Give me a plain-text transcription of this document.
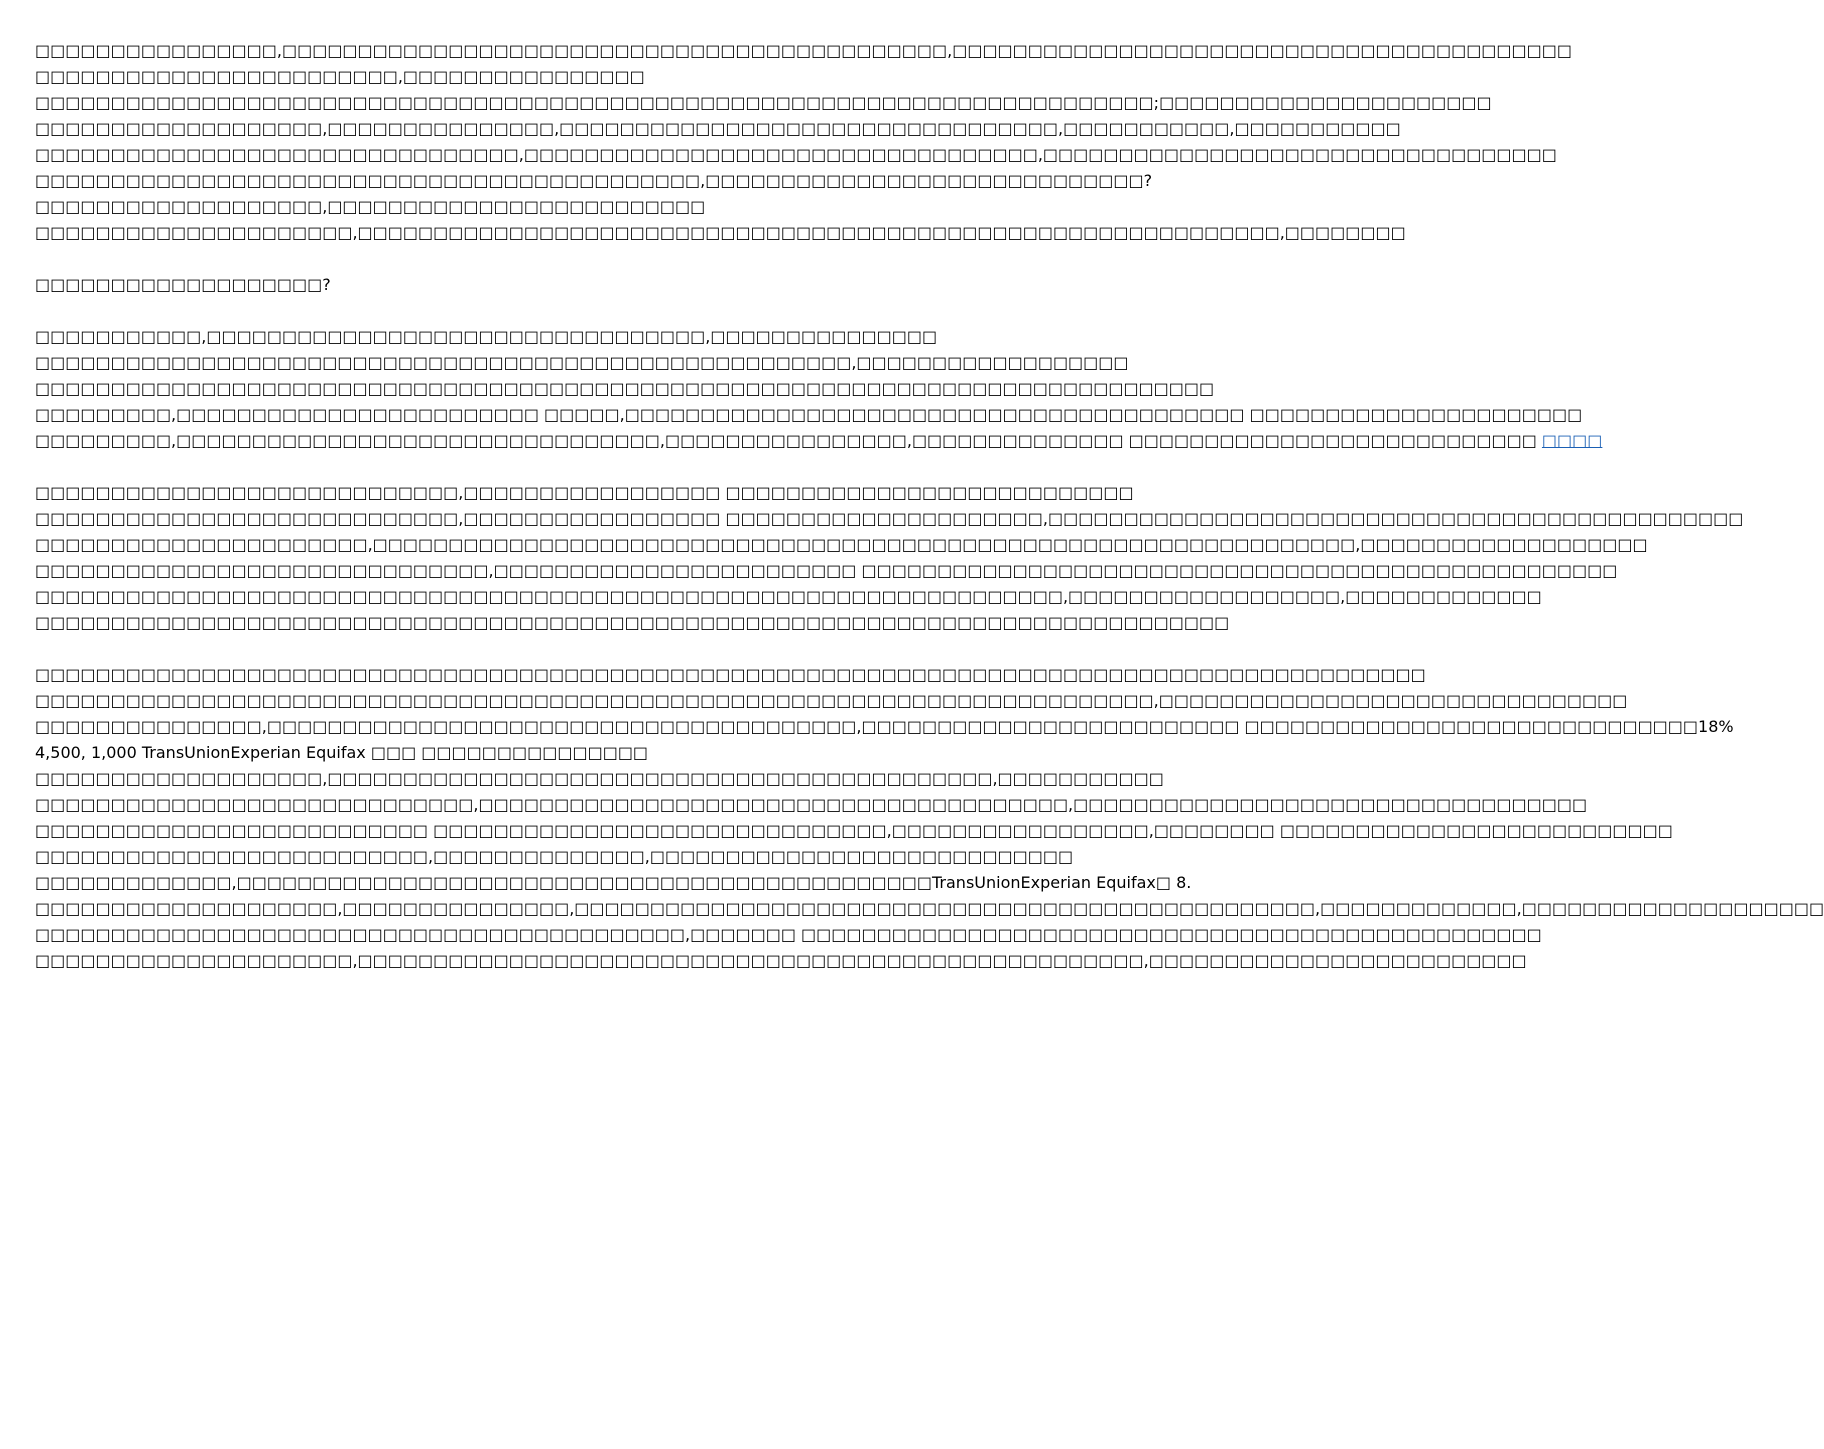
□□□□□□□□□□□□□□□□,□□□□□□□□□□□□□□□□□□□□□□□□□□□□□□□□□□□□□□□□□□□□,□□□□□□□□□□□□□□□□□□□□□□□□□□□□□□□□□□□□□□□□□
□□□□□□□□□□□□□□□□□□□□□□□□,□□□□□□□□□□□□□□□□
□□□□□□□□□□□□□□□□□□□□□□□□□□□□□□□□□□□□□□□□□□□□□□□□□□□□□□□□□□□□□□□□□□□□□□□□□□;□□□□□□□□□□□□□□□□□□□□□□
□□□□□□□□□□□□□□□□□□□,□□□□□□□□□□□□□□□,□□□□□□□□□□□□□□□□□□□□□□□□□□□□□□□□□,□□□□□□□□□□□,□□□□□□□□□□□
□□□□□□□□□□□□□□□□□□□□□□□□□□□□□□□□,□□□□□□□□□□□□□□□□□□□□□□□□□□□□□□□□□□,□□□□□□□□□□□□□□□□□□□□□□□□□□□□□□□□□□
□□□□□□□□□□□□□□□□□□□□□□□□□□□□□□□□□□□□□□□□□□□□,□□□□□□□□□□□□□□□□□□□□□□□□□□□□□?
□□□□□□□□□□□□□□□□□□□,□□□□□□□□□□□□□□□□□□□□□□□□□
□□□□□□□□□□□□□□□□□□□□□,□□□□□□□□□□□□□□□□□□□□□□□□□□□□□□□□□□□□□□□□□□□□□□□□□□□□□□□□□□□□□,□□□□□□□□
□□□□□□□□□□□□□□□□□□□?
□□□□□□□□□□□,□□□□□□□□□□□□□□□□□□□□□□□□□□□□□□□□□,□□□□□□□□□□□□□□□
□□□□□□□□□□□□□□□□□□□□□□□□□□□□□□□□□□□□□□□□□□□□□□□□□□□□□□,□□□□□□□□□□□□□□□□□□
□□□□□□□□□□□□□□□□□□□□□□□□□□□□□□□□□□□□□□□□□□□□□□□□□□□□□□□□□□□□□□□□□□□□□□□□□□□□□□
□□□□□□□□□,□□□□□□□□□□□□□□□□□□□□□□□□ □□□□□,□□□□□□□□□□□□□□□□□□□□□□□□□□□□□□□□□□□□□□□□□ □□□□□□□□□□□□□□□□□□□□□□
□□□□□□□□□,□□□□□□□□□□□□□□□□□□□□□□□□□□□□□□□□,□□□□□□□□□□□□□□□□,□□□□□□□□□□□□□□ □□□□□□□□□□□□□□□□□□□□□□□□□□□ □□□□
□□□□□□□□□□□□□□□□□□□□□□□□□□□□,□□□□□□□□□□□□□□□□□ □□□□□□□□□□□□□□□□□□□□□□□□□□□
□□□□□□□□□□□□□□□□□□□□□□□□□□□□,□□□□□□□□□□□□□□□□□ □□□□□□□□□□□□□□□□□□□□□,□□□□□□□□□□□□□□□□□□□□□□□□□□□□□□□□□□□□□□□□□□□□□□
□□□□□□□□□□□□□□□□□□□□□□,□□□□□□□□□□□□□□□□□□□□□□□□□□□□□□□□□□□□□□□□□□□□□□□□□□□□□□□□□□□□□□□□□,□□□□□□□□□□□□□□□□□□□
□□□□□□□□□□□□□□□□□□□□□□□□□□□□□□,□□□□□□□□□□□□□□□□□□□□□□□□ □□□□□□□□□□□□□□□□□□□□□□□□□□□□□□□□□□□□□□□□□□□□□□□□□□
□□□□□□□□□□□□□□□□□□□□□□□□□□□□□□□□□□□□□□□□□□□□□□□□□□□□□□□□□□□□□□□□□□□□,□□□□□□□□□□□□□□□□□□,□□□□□□□□□□□□□
□□□□□□□□□□□□□□□□□□□□□□□□□□□□□□□□□□□□□□□□□□□□□□□□□□□□□□□□□□□□□□□□□□□□□□□□□□□□□□□
□□□□□□□□□□□□□□□□□□□□□□□□□□□□□□□□□□□□□□□□□□□□□□□□□□□□□□□□□□□□□□□□□□□□□□□□□□□□□□□□□□□□□□□□□□□□
□□□□□□□□□□□□□□□□□□□□□□□□□□□□□□□□□□□□□□□□□□□□□□□□□□□□□□□□□□□□□□□□□□□□□□□□□□,□□□□□□□□□□□□□□□□□□□□□□□□□□□□□□□
□□□□□□□□□□□□□□□,□□□□□□□□□□□□□□□□□□□□□□□□□□□□□□□□□□□□□□□,□□□□□□□□□□□□□□□□□□□□□□□□□ □□□□□□□□□□□□□□□□□□□□□□□□□□□□□□18%
4,500, 1,000 TransUnionExperian Equifax □□□ □□□□□□□□□□□□□□□
□□□□□□□□□□□□□□□□□□□,□□□□□□□□□□□□□□□□□□□□□□□□□□□□□□□□□□□□□□□□□□□□,□□□□□□□□□□□
□□□□□□□□□□□□□□□□□□□□□□□□□□□□□,□□□□□□□□□□□□□□□□□□□□□□□□□□□□□□□□□□□□□□□,□□□□□□□□□□□□□□□□□□□□□□□□□□□□□□□□□□
□□□□□□□□□□□□□□□□□□□□□□□□□□ □□□□□□□□□□□□□□□□□□□□□□□□□□□□□□,□□□□□□□□□□□□□□□□□,□□□□□□□□ □□□□□□□□□□□□□□□□□□□□□□□□□□
□□□□□□□□□□□□□□□□□□□□□□□□□□,□□□□□□□□□□□□□□,□□□□□□□□□□□□□□□□□□□□□□□□□□□□
□□□□□□□□□□□□□,□□□□□□□□□□□□□□□□□□□□□□□□□□□□□□□□□□□□□□□□□□□□□□TransUnionExperian Equifax□ 8.
□□□□□□□□□□□□□□□□□□□□,□□□□□□□□□□□□□□□,□□□□□□□□□□□□□□□□□□□□□□□□□□□□□□□□□□□□□□□□□□□□□□□□□,□□□□□□□□□□□□□,□□□□□□□□□□□□□□□□□□□□
□□□□□□□□□□□□□□□□□□□□□□□□□□□□□□□□□□□□□□□□□□□,□□□□□□□ □□□□□□□□□□□□□□□□□□□□□□□□□□□□□□□□□□□□□□□□□□□□□□□□□
□□□□□□□□□□□□□□□□□□□□□,□□□□□□□□□□□□□□□□□□□□□□□□□□□□□□□□□□□□□□□□□□□□□□□□□□□□,□□□□□□□□□□□□□□□□□□□□□□□□□
